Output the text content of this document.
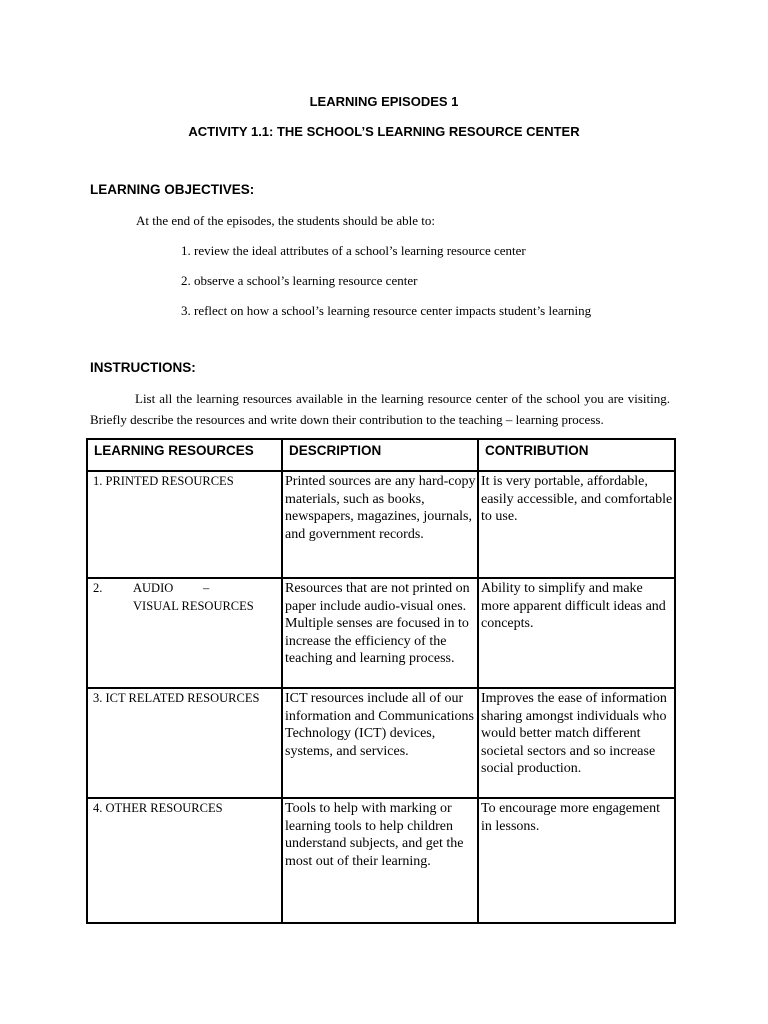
LEARNING EPISODES 1
ACTIVITY 1.1: THE SCHOOL’S LEARNING RESOURCE CENTER
LEARNING OBJECTIVES:
At the end of the episodes, the students should be able to:
1. review the ideal attributes of a school’s learning resource center
2. observe a school’s learning resource center
3. reflect on how a school’s learning resource center impacts student’s learning
INSTRUCTIONS:
List all the learning resources available in the learning resource center of the school you are visiting. Briefly describe the resources and write down their contribution to the teaching – learning process.
LEARNING RESOURCES	DESCRIPTION	CONTRIBUTION
1. PRINTED RESOURCES	Printed sources are any hard-copy materials, such as books, newspapers, magazines, journals, and government records.	It is very portable, affordable, easily accessible, and comfortable to use.

2. AUDIO –
VISUAL RESOURCES	Resources that are not printed on paper include audio-visual ones. Multiple senses are focused in to increase the efficiency of the teaching and learning process.	Ability to simplify and make more apparent difficult ideas and concepts.
3. ICT RELATED RESOURCES	ICT resources include all of our information and Communications Technology (ICT) devices, systems, and services.	Improves the ease of information sharing amongst individuals who would better match different societal sectors and so increase social production.
4. OTHER RESOURCES	Tools to help with marking or learning tools to help children understand subjects, and get the most out of their learning.	To encourage more engagement in lessons.
